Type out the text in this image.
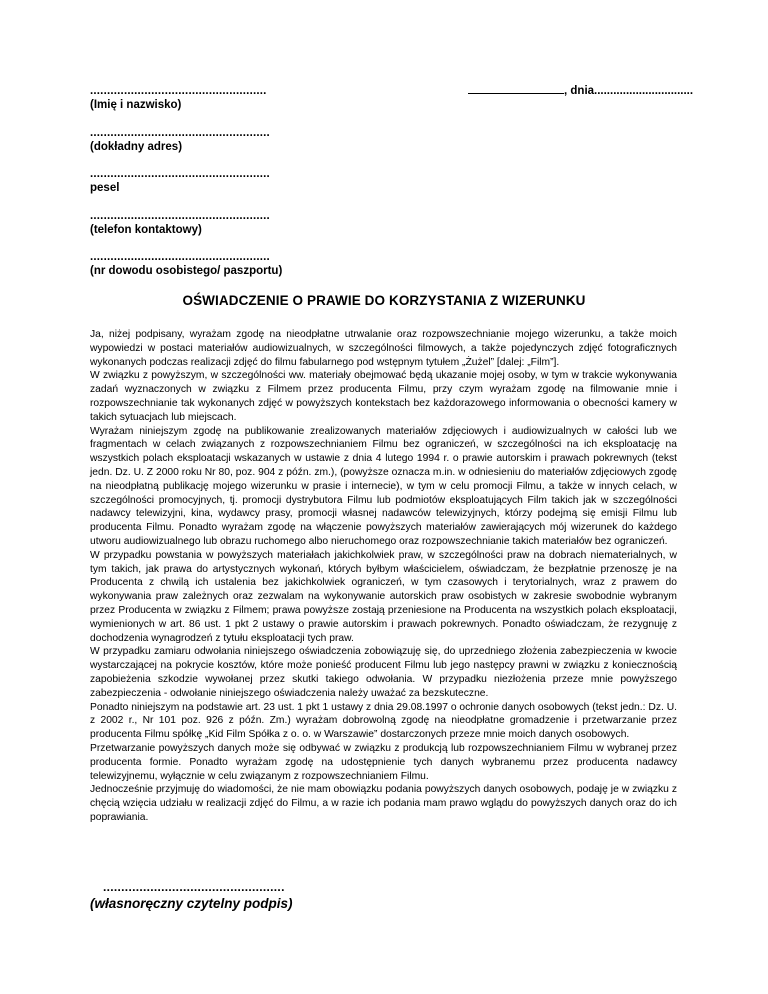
....................................................
(Imię i nazwisko)
.....................................................
(dokładny adres)
.....................................................
pesel
.....................................................
(telefon kontaktowy)
.....................................................
(nr dowodu osobistego/ paszportu)
, dnia...............................
OŚWIADCZENIE O PRAWIE DO KORZYSTANIA Z WIZERUNKU

Ja, niżej podpisany, wyrażam zgodę na nieodpłatne utrwalanie oraz rozpowszechnianie mojego wizerunku, a także moich wypowiedzi w postaci materiałów audiowizualnych, w szczególności filmowych, a także pojedynczych zdjęć fotograficznych wykonanych podczas realizacji zdjęć do filmu fabularnego pod wstępnym tytułem „Żużel” [dalej: „Film”].

W związku z powyższym, w szczególności ww. materiały obejmować będą ukazanie mojej osoby, w tym w trakcie wykonywania zadań wyznaczonych w związku z Filmem przez producenta Filmu, przy czym wyrażam zgodę na filmowanie mnie i rozpowszechnianie tak wykonanych zdjęć w powyższych kontekstach bez każdorazowego informowania o obecności kamery w takich sytuacjach lub miejscach.

Wyrażam niniejszym zgodę na publikowanie zrealizowanych materiałów zdjęciowych i audiowizualnych w całości lub we fragmentach w celach związanych z rozpowszechnianiem Filmu bez ograniczeń, w szczególności na ich eksploatację na wszystkich polach eksploatacji wskazanych w ustawie z dnia 4 lutego 1994 r. o prawie autorskim i prawach pokrewnych (tekst jedn. Dz. U. Z 2000 roku Nr 80, poz. 904 z późn. zm.), (powyższe oznacza m.in. w odniesieniu do materiałów zdjęciowych zgodę na nieodpłatną publikację mojego wizerunku w prasie i internecie), w tym w celu promocji Filmu, a także w innych celach, w szczególności promocyjnych, tj. promocji dystrybutora Filmu lub podmiotów eksploatujących Film takich jak w szczególności nadawcy telewizyjni, kina, wydawcy prasy, promocji własnej nadawców telewizyjnych, którzy podejmą się emisji Filmu lub producenta Filmu. Ponadto wyrażam zgodę na włączenie powyższych materiałów zawierających mój wizerunek do każdego utworu audiowizualnego lub obrazu ruchomego albo nieruchomego oraz rozpowszechnianie takich materiałów bez ograniczeń.

W przypadku powstania w powyższych materiałach jakichkolwiek praw, w szczególności praw na dobrach niematerialnych, w tym takich, jak prawa do artystycznych wykonań, których byłbym właścicielem, oświadczam, że bezpłatnie przenoszę je na Producenta z chwilą ich ustalenia bez jakichkolwiek ograniczeń, w tym czasowych i terytorialnych, wraz z prawem do wykonywania praw zależnych oraz zezwalam na wykonywanie autorskich praw osobistych w zakresie swobodnie wybranym przez Producenta w związku z Filmem; prawa powyższe zostają przeniesione na Producenta na wszystkich polach eksploatacji, wymienionych w art. 86 ust. 1 pkt 2 ustawy o prawie autorskim i prawach pokrewnych. Ponadto oświadczam, że rezygnuję z dochodzenia wynagrodzeń z tytułu eksploatacji tych praw.

W przypadku zamiaru odwołania niniejszego oświadczenia zobowiązuję się, do uprzedniego złożenia zabezpieczenia w kwocie wystarczającej na pokrycie kosztów, które może ponieść producent Filmu lub jego następcy prawni w związku z koniecznością zapobieżenia szkodzie wywołanej przez skutki takiego odwołania. W przypadku niezłożenia przeze mnie powyższego zabezpieczenia - odwołanie niniejszego oświadczenia należy uważać za bezskuteczne.

Ponadto niniejszym na podstawie art. 23 ust. 1 pkt 1 ustawy z dnia 29.08.1997 o ochronie danych osobowych (tekst jedn.: Dz. U. z 2002 r., Nr 101 poz. 926 z późn. Zm.) wyrażam dobrowolną zgodę na nieodpłatne gromadzenie i przetwarzanie przez producenta Filmu spółkę „Kid Film Spółka z o. o. w Warszawie” dostarczonych przeze mnie moich danych osobowych.

Przetwarzanie powyższych danych może się odbywać w związku z produkcją lub rozpowszechnianiem Filmu w wybranej przez producenta formie. Ponadto wyrażam zgodę na udostępnienie tych danych wybranemu przez producenta nadawcy telewizyjnemu, wyłącznie w celu związanym z rozpowszechnianiem Filmu.

Jednocześnie przyjmuję do wiadomości, że nie mam obowiązku podania powyższych danych osobowych, podaję je w związku z chęcią wzięcia udziału w realizacji zdjęć do Filmu, a w razie ich podania mam prawo wglądu do powyższych danych oraz do ich poprawiania.

..................................................
(własnoręczny czytelny podpis)
